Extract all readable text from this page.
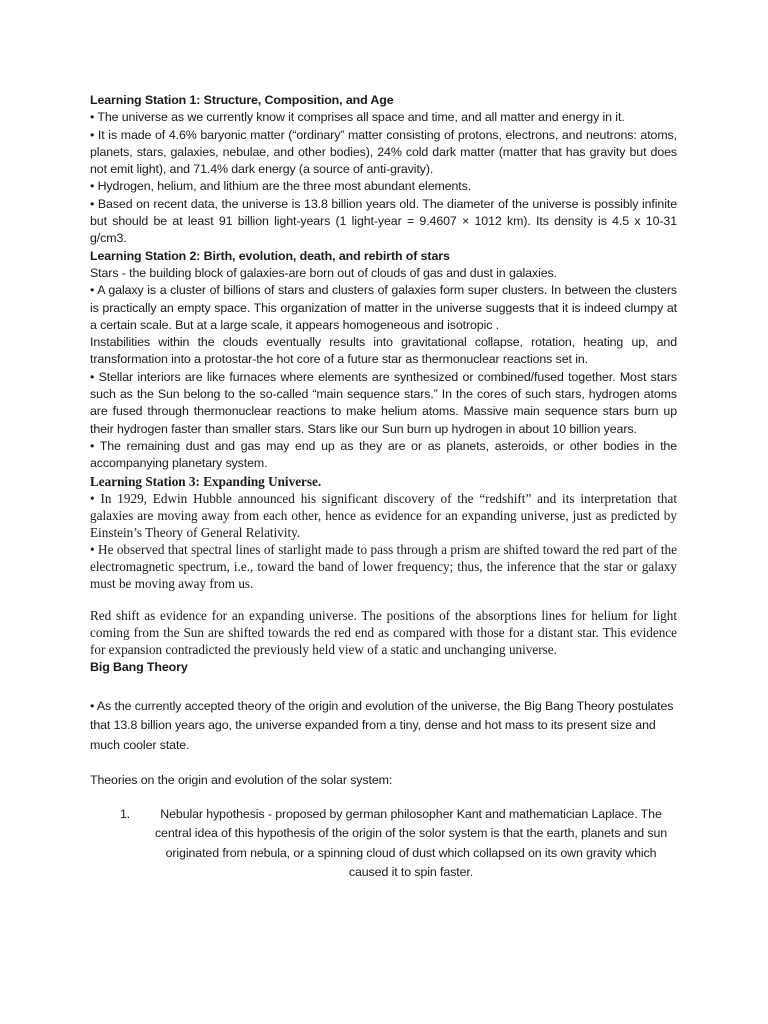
Learning Station 1: Structure, Composition, and Age

• The universe as we currently know it comprises all space and time, and all matter and energy in it.

• It is made of 4.6% baryonic matter (“ordinary” matter consisting of protons, electrons, and neutrons: atoms, planets, stars, galaxies, nebulae, and other bodies), 24% cold dark matter (matter that has gravity but does not emit light), and 71.4% dark energy (a source of anti-gravity).

• Hydrogen, helium, and lithium are the three most abundant elements.

• Based on recent data, the universe is 13.8 billion years old. The diameter of the universe is possibly infinite but should be at least 91 billion light-years (1 light-year = 9.4607 × 1012 km). Its density is 4.5 x 10-31 g/cm3.

Learning Station 2: Birth, evolution, death, and rebirth of stars

Stars - the building block of galaxies-are born out of clouds of gas and dust in galaxies.

• A galaxy is a cluster of billions of stars and clusters of galaxies form super clusters. In between the clusters is practically an empty space. This organization of matter in the universe suggests that it is indeed clumpy at a certain scale. But at a large scale, it appears homogeneous and isotropic .

Instabilities within the clouds eventually results into gravitational collapse, rotation, heating up, and transformation into a protostar-the hot core of a future star as thermonuclear reactions set in.

• Stellar interiors are like furnaces where elements are synthesized or combined/fused together. Most stars such as the Sun belong to the so-called “main sequence stars.” In the cores of such stars, hydrogen atoms are fused through thermonuclear reactions to make helium atoms. Massive main sequence stars burn up their hydrogen faster than smaller stars. Stars like our Sun burn up hydrogen in about 10 billion years.

• The remaining dust and gas may end up as they are or as planets, asteroids, or other bodies in the accompanying planetary system.

Learning Station 3: Expanding Universe.

• In 1929, Edwin Hubble announced his significant discovery of the “redshift” and its interpretation that galaxies are moving away from each other, hence as evidence for an expanding universe, just as predicted by Einstein’s Theory of General Relativity.

• He observed that spectral lines of starlight made to pass through a prism are shifted toward the red part of the electromagnetic spectrum, i.e., toward the band of lower frequency; thus, the inference that the star or galaxy must be moving away from us.

Red shift as evidence for an expanding universe. The positions of the absorptions lines for helium for light coming from the Sun are shifted towards the red end as compared with those for a distant star. This evidence for expansion contradicted the previously held view of a static and unchanging universe.

Big Bang Theory

• As the currently accepted theory of the origin and evolution of the universe, the Big Bang Theory postulates that 13.8 billion years ago, the universe expanded from a tiny, dense and hot mass to its present size and much cooler state.

Theories on the origin and evolution of the solar system:

1.	Nebular hypothesis - proposed by german philosopher Kant and mathematician Laplace. The central idea of this hypothesis of the origin of the solor system is that the earth, planets and sun originated from nebula, or a spinning cloud of dust which collapsed on its own gravity which caused it to spin faster.
